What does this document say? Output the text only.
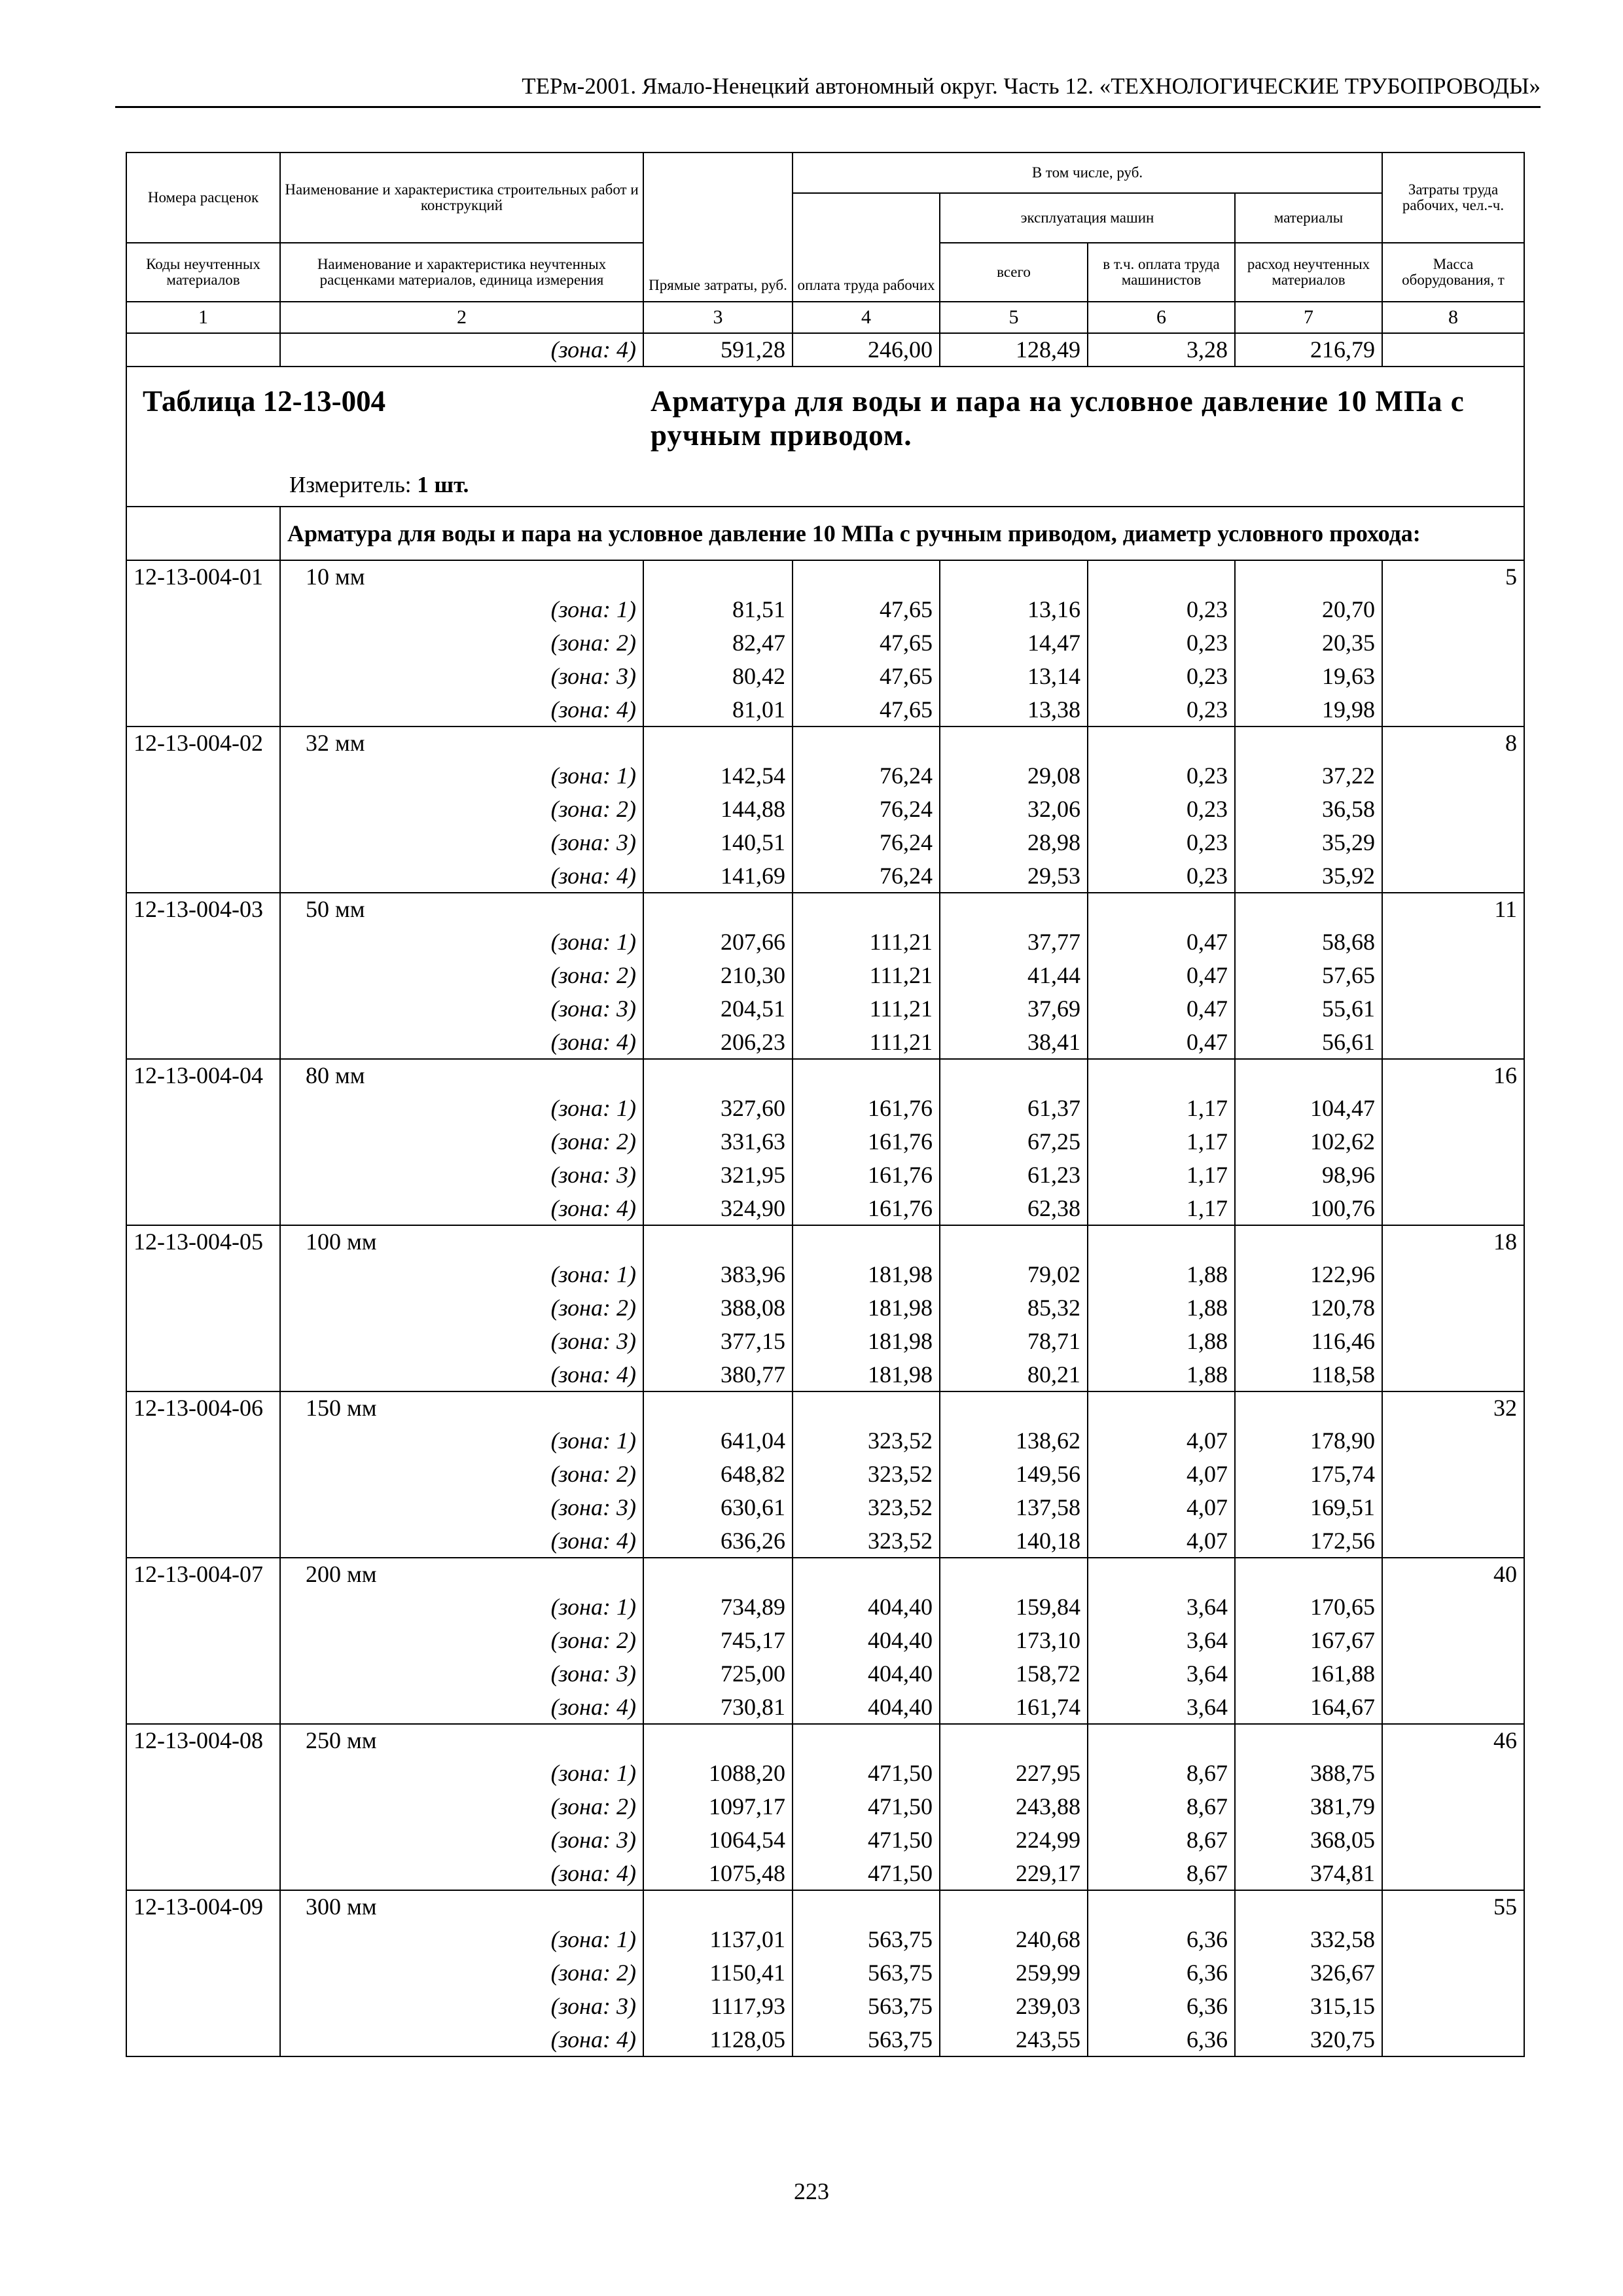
ТЕРм-2001. Ямало-Ненецкий автономный округ. Часть 12. «ТЕХНОЛОГИЧЕСКИЕ ТРУБОПРОВОДЫ»
Номера расценок	Наименование и характеристика строительных работ и конструкций	Прямые затраты, руб.	В том числе, руб.				Затраты труда рабочих, чел.-ч.
			оплата труда рабочих	эксплуатация машин		материалы	
Коды неучтенных материалов	Наименование и характеристика неучтенных расценками материалов, единица измерения			всего	в т.ч. оплата труда машинистов	расход неучтенных материалов	Масса оборудования, т
1	2	3	4	5	6	7	8
	(зона: 4)	591,28	246,00	128,49	3,28	216,79	

Таблица 12-13-004 Арматура для воды и пара на условное давление 10 МПа с ручным приводом.
Измеритель: 1 шт.							

	Арматура для воды и пара на условное давление 10 МПа с ручным приводом, диаметр условного прохода:						
12-13-004-01	10 мм						5
	(зона: 1)	81,51	47,65	13,16	0,23	20,70	
	(зона: 2)	82,47	47,65	14,47	0,23	20,35	
	(зона: 3)	80,42	47,65	13,14	0,23	19,63	
	(зона: 4)	81,01	47,65	13,38	0,23	19,98	
12-13-004-02	32 мм						8
	(зона: 1)	142,54	76,24	29,08	0,23	37,22	
	(зона: 2)	144,88	76,24	32,06	0,23	36,58	
	(зона: 3)	140,51	76,24	28,98	0,23	35,29	
	(зона: 4)	141,69	76,24	29,53	0,23	35,92	
12-13-004-03	50 мм						11
	(зона: 1)	207,66	111,21	37,77	0,47	58,68	
	(зона: 2)	210,30	111,21	41,44	0,47	57,65	
	(зона: 3)	204,51	111,21	37,69	0,47	55,61	
	(зона: 4)	206,23	111,21	38,41	0,47	56,61	
12-13-004-04	80 мм						16
	(зона: 1)	327,60	161,76	61,37	1,17	104,47	
	(зона: 2)	331,63	161,76	67,25	1,17	102,62	
	(зона: 3)	321,95	161,76	61,23	1,17	98,96	
	(зона: 4)	324,90	161,76	62,38	1,17	100,76	
12-13-004-05	100 мм						18
	(зона: 1)	383,96	181,98	79,02	1,88	122,96	
	(зона: 2)	388,08	181,98	85,32	1,88	120,78	
	(зона: 3)	377,15	181,98	78,71	1,88	116,46	
	(зона: 4)	380,77	181,98	80,21	1,88	118,58	
12-13-004-06	150 мм						32
	(зона: 1)	641,04	323,52	138,62	4,07	178,90	
	(зона: 2)	648,82	323,52	149,56	4,07	175,74	
	(зона: 3)	630,61	323,52	137,58	4,07	169,51	
	(зона: 4)	636,26	323,52	140,18	4,07	172,56	
12-13-004-07	200 мм						40
	(зона: 1)	734,89	404,40	159,84	3,64	170,65	
	(зона: 2)	745,17	404,40	173,10	3,64	167,67	
	(зона: 3)	725,00	404,40	158,72	3,64	161,88	
	(зона: 4)	730,81	404,40	161,74	3,64	164,67	
12-13-004-08	250 мм						46
	(зона: 1)	1088,20	471,50	227,95	8,67	388,75	
	(зона: 2)	1097,17	471,50	243,88	8,67	381,79	
	(зона: 3)	1064,54	471,50	224,99	8,67	368,05	
	(зона: 4)	1075,48	471,50	229,17	8,67	374,81	
12-13-004-09	300 мм						55
	(зона: 1)	1137,01	563,75	240,68	6,36	332,58	
	(зона: 2)	1150,41	563,75	259,99	6,36	326,67	
	(зона: 3)	1117,93	563,75	239,03	6,36	315,15	
	(зона: 4)	1128,05	563,75	243,55	6,36	320,75	
223
